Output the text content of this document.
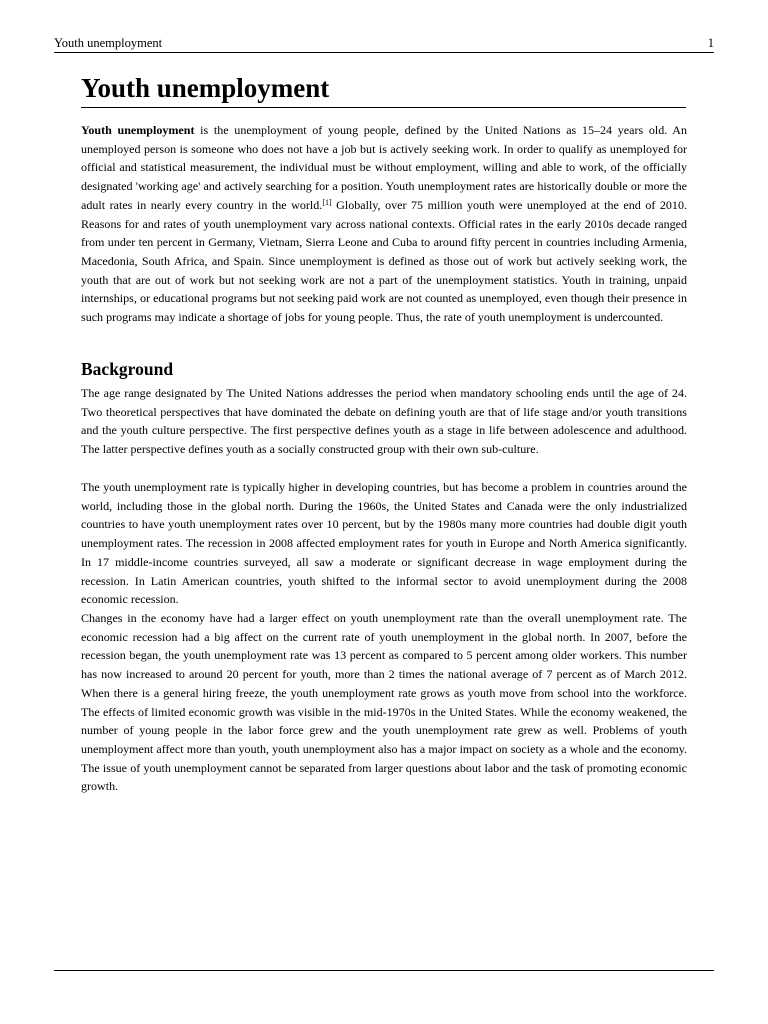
Youth unemployment	1
Youth unemployment

Youth unemployment is the unemployment of young people, defined by the United Nations as 15–24 years old. An unemployed person is someone who does not have a job but is actively seeking work. In order to qualify as unemployed for official and statistical measurement, the individual must be without employment, willing and able to work, of the officially designated 'working age' and actively searching for a position. Youth unemployment rates are historically double or more the adult rates in nearly every country in the world.[1] Globally, over 75 million youth were unemployed at the end of 2010. Reasons for and rates of youth unemployment vary across national contexts. Official rates in the early 2010s decade ranged from under ten percent in Germany, Vietnam, Sierra Leone and Cuba to around fifty percent in countries including Armenia, Macedonia, South Africa, and Spain. Since unemployment is defined as those out of work but actively seeking work, the youth that are out of work but not seeking work are not a part of the unemployment statistics. Youth in training, unpaid internships, or educational programs but not seeking paid work are not counted as unemployed, even though their presence in such programs may indicate a shortage of jobs for young people. Thus, the rate of youth unemployment is undercounted.

Background

The age range designated by The United Nations addresses the period when mandatory schooling ends until the age of 24. Two theoretical perspectives that have dominated the debate on defining youth are that of life stage and/or youth transitions and the youth culture perspective. The first perspective defines youth as a stage in life between adolescence and adulthood. The latter perspective defines youth as a socially constructed group with their own sub-culture.

The youth unemployment rate is typically higher in developing countries, but has become a problem in countries around the world, including those in the global north. During the 1960s, the United States and Canada were the only industrialized countries to have youth unemployment rates over 10 percent, but by the 1980s many more countries had double digit youth unemployment rates. The recession in 2008 affected employment rates for youth in Europe and North America significantly. In 17 middle-income countries surveyed, all saw a moderate or significant decrease in wage employment during the recession. In Latin American countries, youth shifted to the informal sector to avoid unemployment during the 2008 economic recession.

Changes in the economy have had a larger effect on youth unemployment rate than the overall unemployment rate. The economic recession had a big affect on the current rate of youth unemployment in the global north. In 2007, before the recession began, the youth unemployment rate was 13 percent as compared to 5 percent among older workers. This number has now increased to around 20 percent for youth, more than 2 times the national average of 7 percent as of March 2012. When there is a general hiring freeze, the youth unemployment rate grows as youth move from school into the workforce. The effects of limited economic growth was visible in the mid-1970s in the United States. While the economy weakened, the number of young people in the labor force grew and the youth unemployment rate grew as well. Problems of youth unemployment affect more than youth, youth unemployment also has a major impact on society as a whole and the economy. The issue of youth unemployment cannot be separated from larger questions about labor and the task of promoting economic growth.
